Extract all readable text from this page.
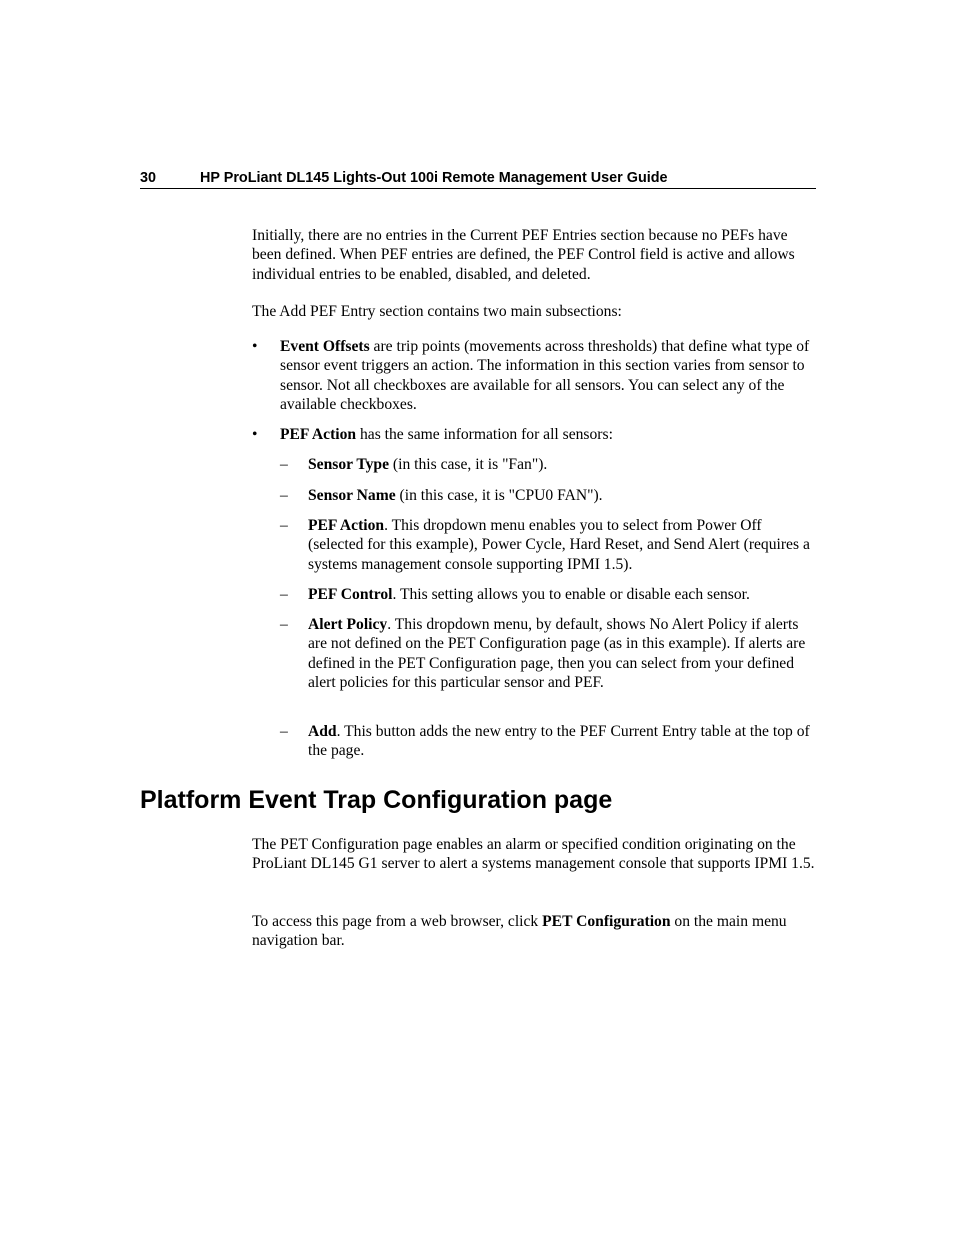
30	HP ProLiant DL145 Lights-Out 100i Remote Management User Guide

Initially, there are no entries in the Current PEF Entries section because no PEFs have been defined. When PEF entries are defined, the PEF Control field is active and allows individual entries to be enabled, disabled, and deleted.

The Add PEF Entry section contains two main subsections:

•	Event Offsets are trip points (movements across thresholds) that define what type of sensor event triggers an action. The information in this section varies from sensor to sensor. Not all checkboxes are available for all sensors. You can select any of the available checkboxes.
•	PEF Action has the same information for all sensors:
–	Sensor Type (in this case, it is "Fan").
–	Sensor Name (in this case, it is "CPU0 FAN").
–	PEF Action. This dropdown menu enables you to select from Power Off (selected for this example), Power Cycle, Hard Reset, and Send Alert (requires a systems management console supporting IPMI 1.5).
–	PEF Control. This setting allows you to enable or disable each sensor.
–	Alert Policy. This dropdown menu, by default, shows No Alert Policy if alerts are not defined on the PET Configuration page (as in this example). If alerts are defined in the PET Configuration page, then you can select from your defined alert policies for this particular sensor and PEF.
–	Add. This button adds the new entry to the PEF Current Entry table at the top of the page.
Platform Event Trap Configuration page

The PET Configuration page enables an alarm or specified condition originating on the ProLiant DL145 G1 server to alert a systems management console that supports IPMI 1.5.

To access this page from a web browser, click PET Configuration on the main menu navigation bar.
